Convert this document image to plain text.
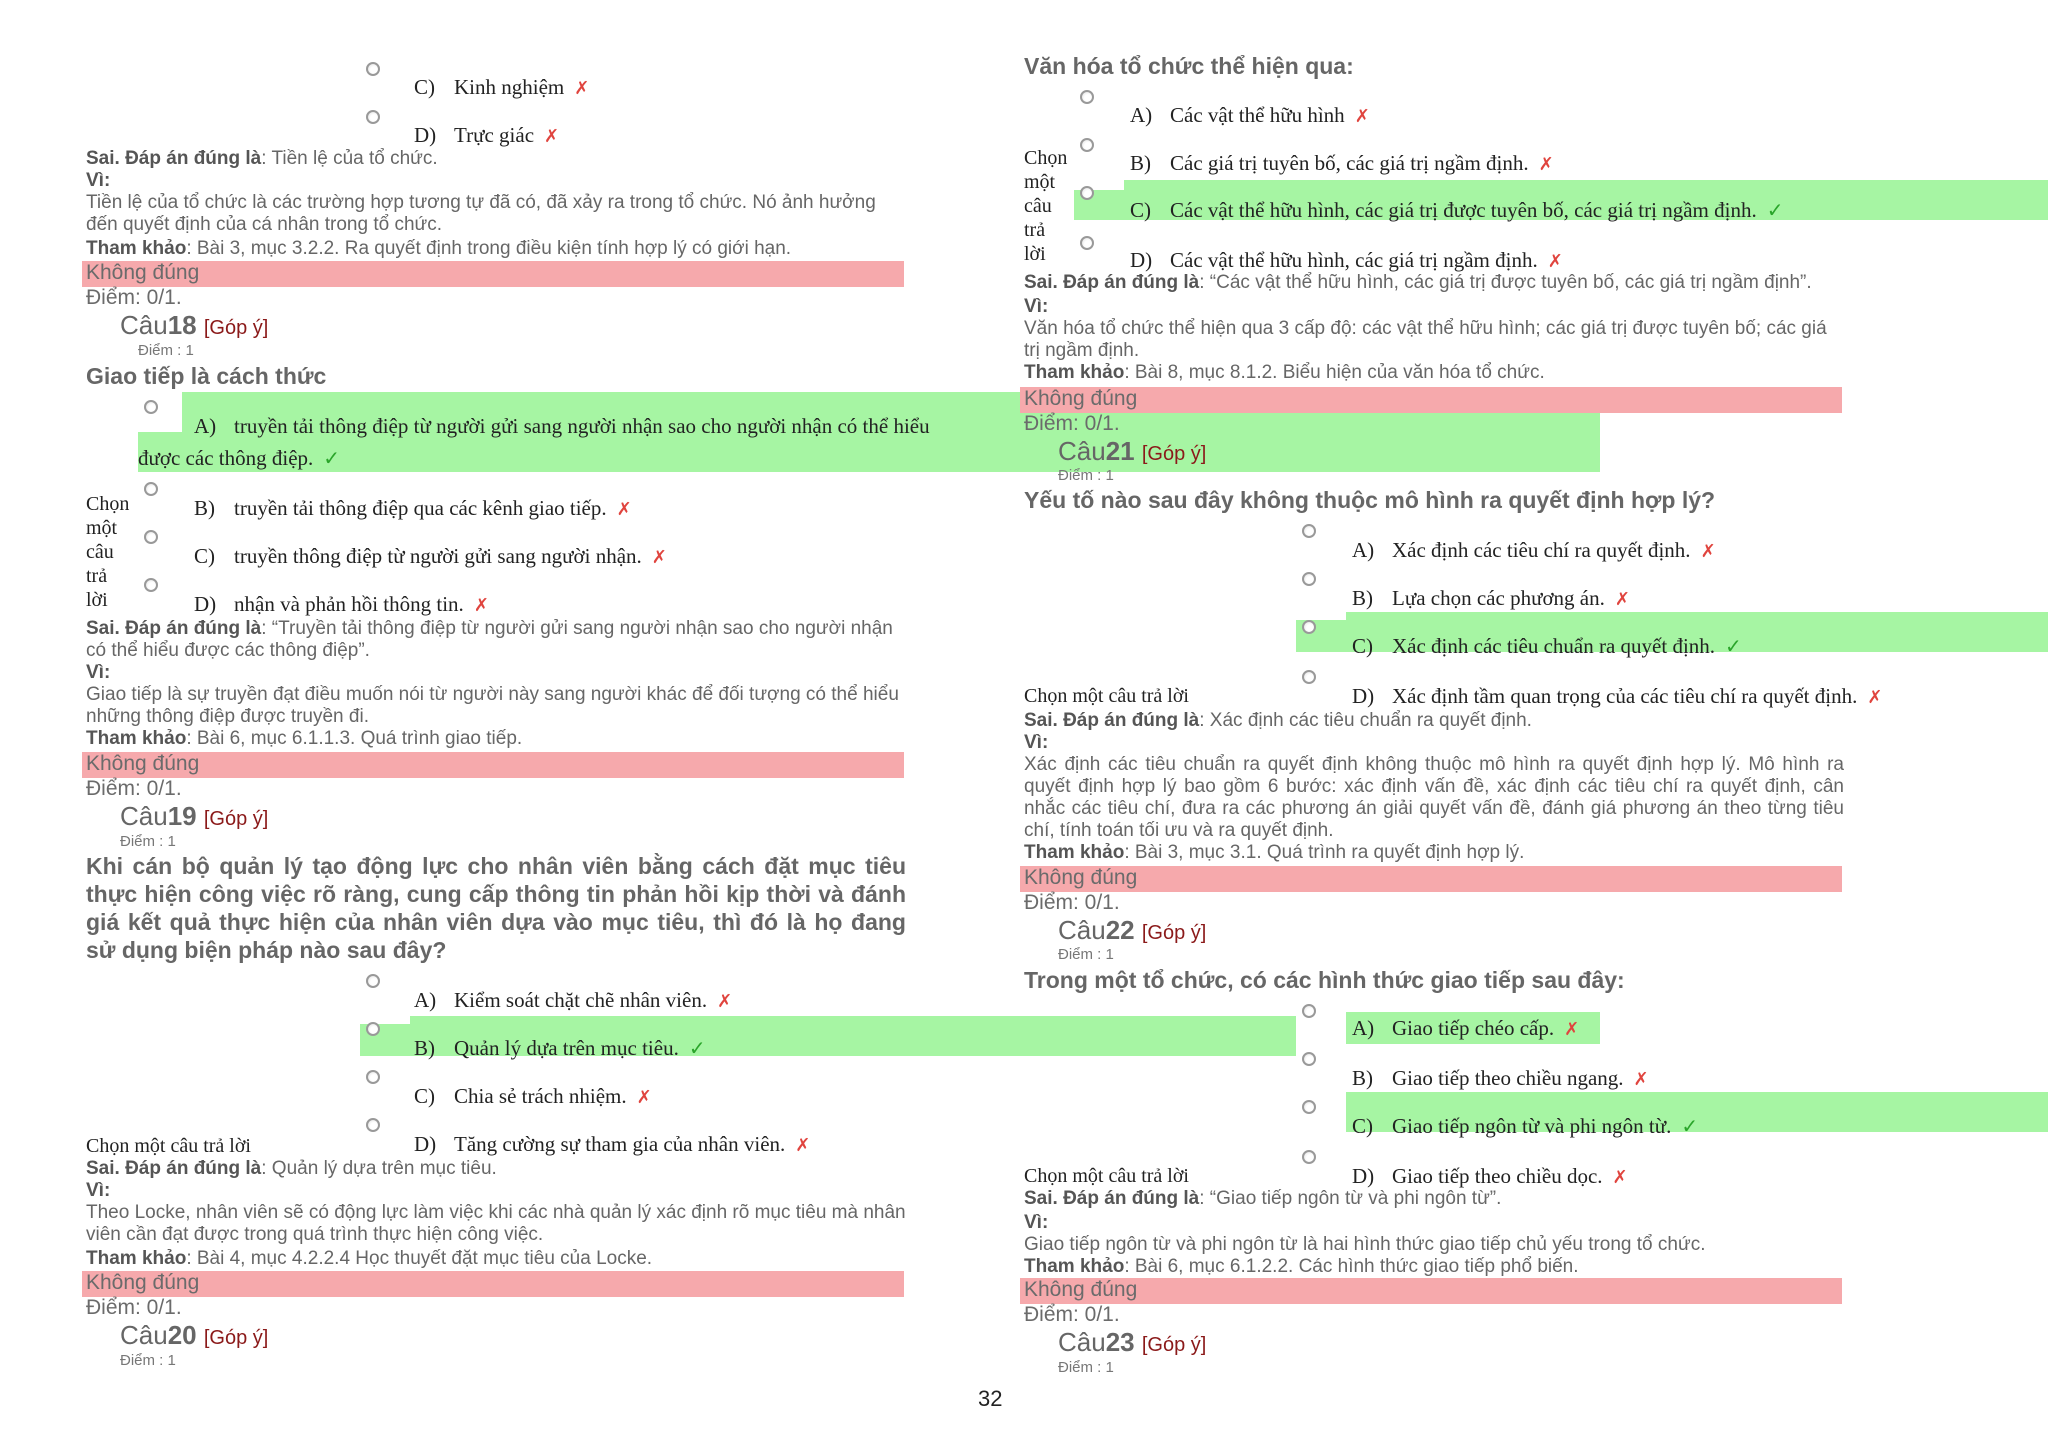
C) Kinh nghiệm ✗
D) Trực giác ✗
Sai. Đáp án đúng là: Tiền lệ của tổ chức.
Vì:
Tiền lệ của tổ chức là các trường hợp tương tự đã có, đã xảy ra trong tổ chức. Nó ảnh hưởng đến quyết định của cá nhân trong tổ chức.
Tham khảo: Bài 3, mục 3.2.2. Ra quyết định trong điều kiện tính hợp lý có giới hạn.
Không đúng
Điểm: 0/1.
Câu18 [Góp ý]
Điểm : 1
Giao tiếp là cách thức
A) truyền tải thông điệp từ người gửi sang người nhận sao cho người nhận có thể hiểu
được các thông điệp. ✓
Chọn
một
câu
trả
lời
B) truyền tải thông điệp qua các kênh giao tiếp. ✗
C) truyền thông điệp từ người gửi sang người nhận. ✗
D) nhận và phản hồi thông tin. ✗
Sai. Đáp án đúng là: “Truyền tải thông điệp từ người gửi sang người nhận sao cho người nhận có thể hiểu được các thông điệp”.
Vì:
Giao tiếp là sự truyền đạt điều muốn nói từ người này sang người khác để đối tượng có thể hiểu những thông điệp được truyền đi.
Tham khảo: Bài 6, mục 6.1.1.3. Quá trình giao tiếp.
Không đúng
Điểm: 0/1.
Câu19 [Góp ý]
Điểm : 1
Khi cán bộ quản lý tạo động lực cho nhân viên bằng cách đặt mục tiêu thực hiện công việc rõ ràng, cung cấp thông tin phản hồi kịp thời và đánh giá kết quả thực hiện của nhân viên dựa vào mục tiêu, thì đó là họ đang sử dụng biện pháp nào sau đây?
A) Kiểm soát chặt chẽ nhân viên. ✗
B) Quản lý dựa trên mục tiêu. ✓
C) Chia sẻ trách nhiệm. ✗
Chọn một câu trả lời	D) Tăng cường sự tham gia của nhân viên. ✗
Sai. Đáp án đúng là: Quản lý dựa trên mục tiêu.
Vì:
Theo Locke, nhân viên sẽ có động lực làm việc khi các nhà quản lý xác định rõ mục tiêu mà nhân viên cần đạt được trong quá trình thực hiện công việc.
Tham khảo: Bài 4, mục 4.2.2.4 Học thuyết đặt mục tiêu của Locke.
Không đúng
Điểm: 0/1.
Câu20 [Góp ý]
Điểm : 1
Văn hóa tổ chức thể hiện qua:
Chọn
một
câu
trả
lời
A) Các vật thể hữu hình ✗
B) Các giá trị tuyên bố, các giá trị ngầm định. ✗
C) Các vật thể hữu hình, các giá trị được tuyên bố, các giá trị ngầm định. ✓
D) Các vật thể hữu hình, các giá trị ngầm định. ✗
Sai. Đáp án đúng là: “Các vật thể hữu hình, các giá trị được tuyên bố, các giá trị ngầm định”.
Vì:
Văn hóa tổ chức thể hiện qua 3 cấp độ: các vật thể hữu hình; các giá trị được tuyên bố; các giá trị ngầm định.
Tham khảo: Bài 8, mục 8.1.2. Biểu hiện của văn hóa tổ chức.
Không đúng
Điểm: 0/1.
Câu21 [Góp ý]
Điểm : 1
Yếu tố nào sau đây không thuộc mô hình ra quyết định hợp lý?
A) Xác định các tiêu chí ra quyết định. ✗
B) Lựa chọn các phương án. ✗
C) Xác định các tiêu chuẩn ra quyết định. ✓
Chọn một câu trả lời	D) Xác định tầm quan trọng của các tiêu chí ra quyết định. ✗
Sai. Đáp án đúng là: Xác định các tiêu chuẩn ra quyết định.
Vì:
Xác định các tiêu chuẩn ra quyết định không thuộc mô hình ra quyết định hợp lý. Mô hình ra quyết định hợp lý bao gồm 6 bước: xác định vấn đề, xác định các tiêu chí ra quyết định, cân nhắc các tiêu chí, đưa ra các phương án giải quyết vấn đề, đánh giá phương án theo từng tiêu chí, tính toán tối ưu và ra quyết định.
Tham khảo: Bài 3, mục 3.1. Quá trình ra quyết định hợp lý.
Không đúng
Điểm: 0/1.
Câu22 [Góp ý]
Điểm : 1
Trong một tổ chức, có các hình thức giao tiếp sau đây:
A) Giao tiếp chéo cấp. ✗
B) Giao tiếp theo chiều ngang. ✗
C) Giao tiếp ngôn từ và phi ngôn từ. ✓
Chọn một câu trả lời	D) Giao tiếp theo chiều dọc. ✗
Sai. Đáp án đúng là: “Giao tiếp ngôn từ và phi ngôn từ”.
Vì:
Giao tiếp ngôn từ và phi ngôn từ là hai hình thức giao tiếp chủ yếu trong tổ chức.
Tham khảo: Bài 6, mục 6.1.2.2. Các hình thức giao tiếp phổ biến.
Không đúng
Điểm: 0/1.
Câu23 [Góp ý]
Điểm : 1
32
